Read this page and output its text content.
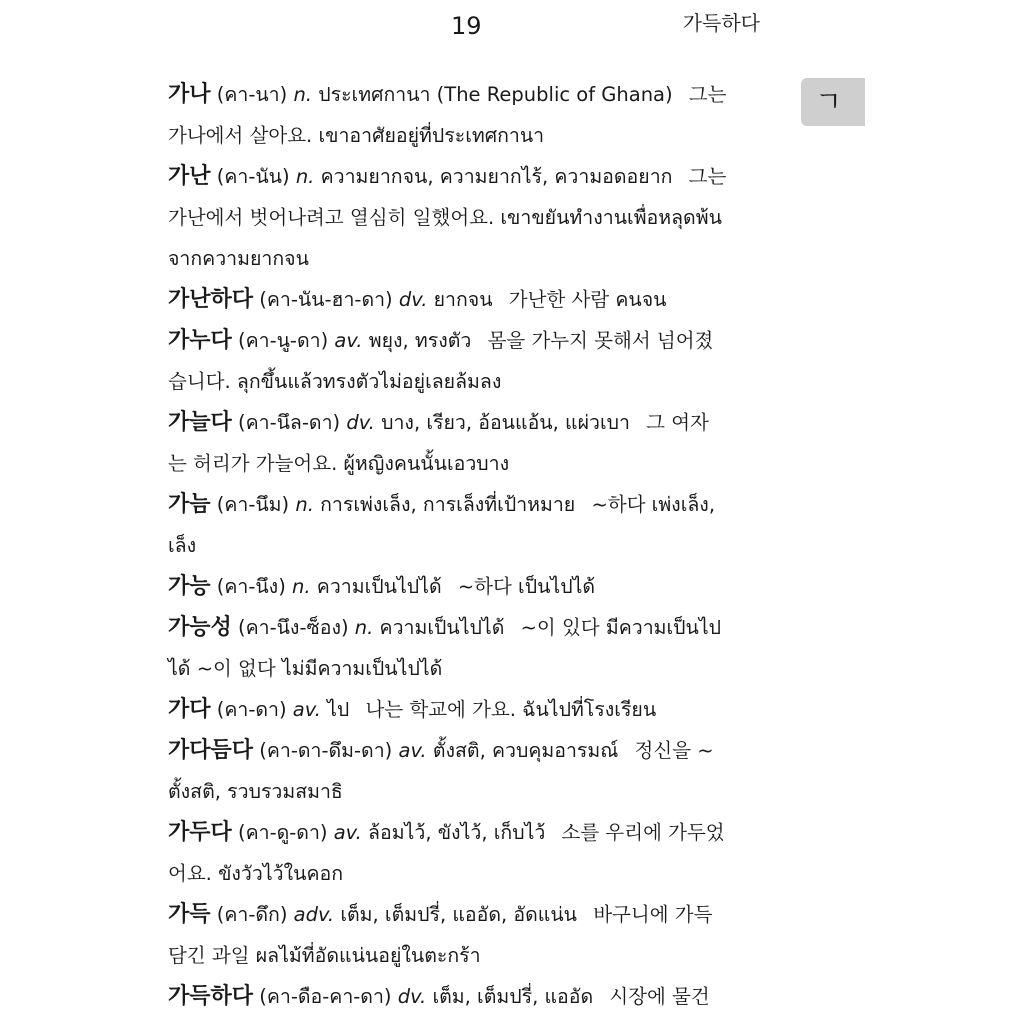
19	가득하다
ㄱ
가나 (คา-นา) n. ประเทศกานา (The Republic of Ghana) 그는
가나에서 살아요. เขาอาศัยอยู่ที่ประเทศกานา
가난 (คา-นัน) n. ความยากจน, ความยากไร้, ความอดอยาก 그는
가난에서 벗어나려고 열심히 일했어요. เขาขยันทำงานเพื่อหลุดพ้น
จากความยากจน
가난하다 (คา-นัน-ฮา-ดา) dv. ยากจน 가난한 사람 คนจน
가누다 (คา-นู-ดา) av. พยุง, ทรงตัว 몸을 가누지 못해서 넘어졌
습니다. ลุกขึ้นแล้วทรงตัวไม่อยู่เลยล้มลง
가늘다 (คา-นึล-ดา) dv. บาง, เรียว, อ้อนแอ้น, แผ่วเบา 그 여자
는 허리가 가늘어요. ผู้หญิงคนนั้นเอวบาง
가늠 (คา-นึม) n. การเพ่งเล็ง, การเล็งที่เป้าหมาย ~하다 เพ่งเล็ง,
เล็ง
가능 (คา-นึง) n. ความเป็นไปได้ ~하다 เป็นไปได้
가능성 (คา-นึง-ซ็อง) n. ความเป็นไปได้ ~이 있다 มีความเป็นไป
ได้ ~이 없다 ไม่มีความเป็นไปได้
가다 (คา-ดา) av. ไป 나는 학교에 가요. ฉันไปที่โรงเรียน
가다듬다 (คา-ดา-ดึม-ดา) av. ตั้งสติ, ควบคุมอารมณ์ 정신을 ~
ตั้งสติ, รวบรวมสมาธิ
가두다 (คา-ดู-ดา) av. ล้อมไว้, ขังไว้, เก็บไว้ 소를 우리에 가두었
어요. ขังวัวไว้ในคอก
가득 (คา-ดึก) adv. เต็ม, เต็มปรี่, แออัด, อัดแน่น 바구니에 가득
담긴 과일 ผลไม้ที่อัดแน่นอยู่ในตะกร้า
가득하다 (คา-ดือ-คา-ดา) dv. เต็ม, เต็มปรี่, แออัด 시장에 물건
